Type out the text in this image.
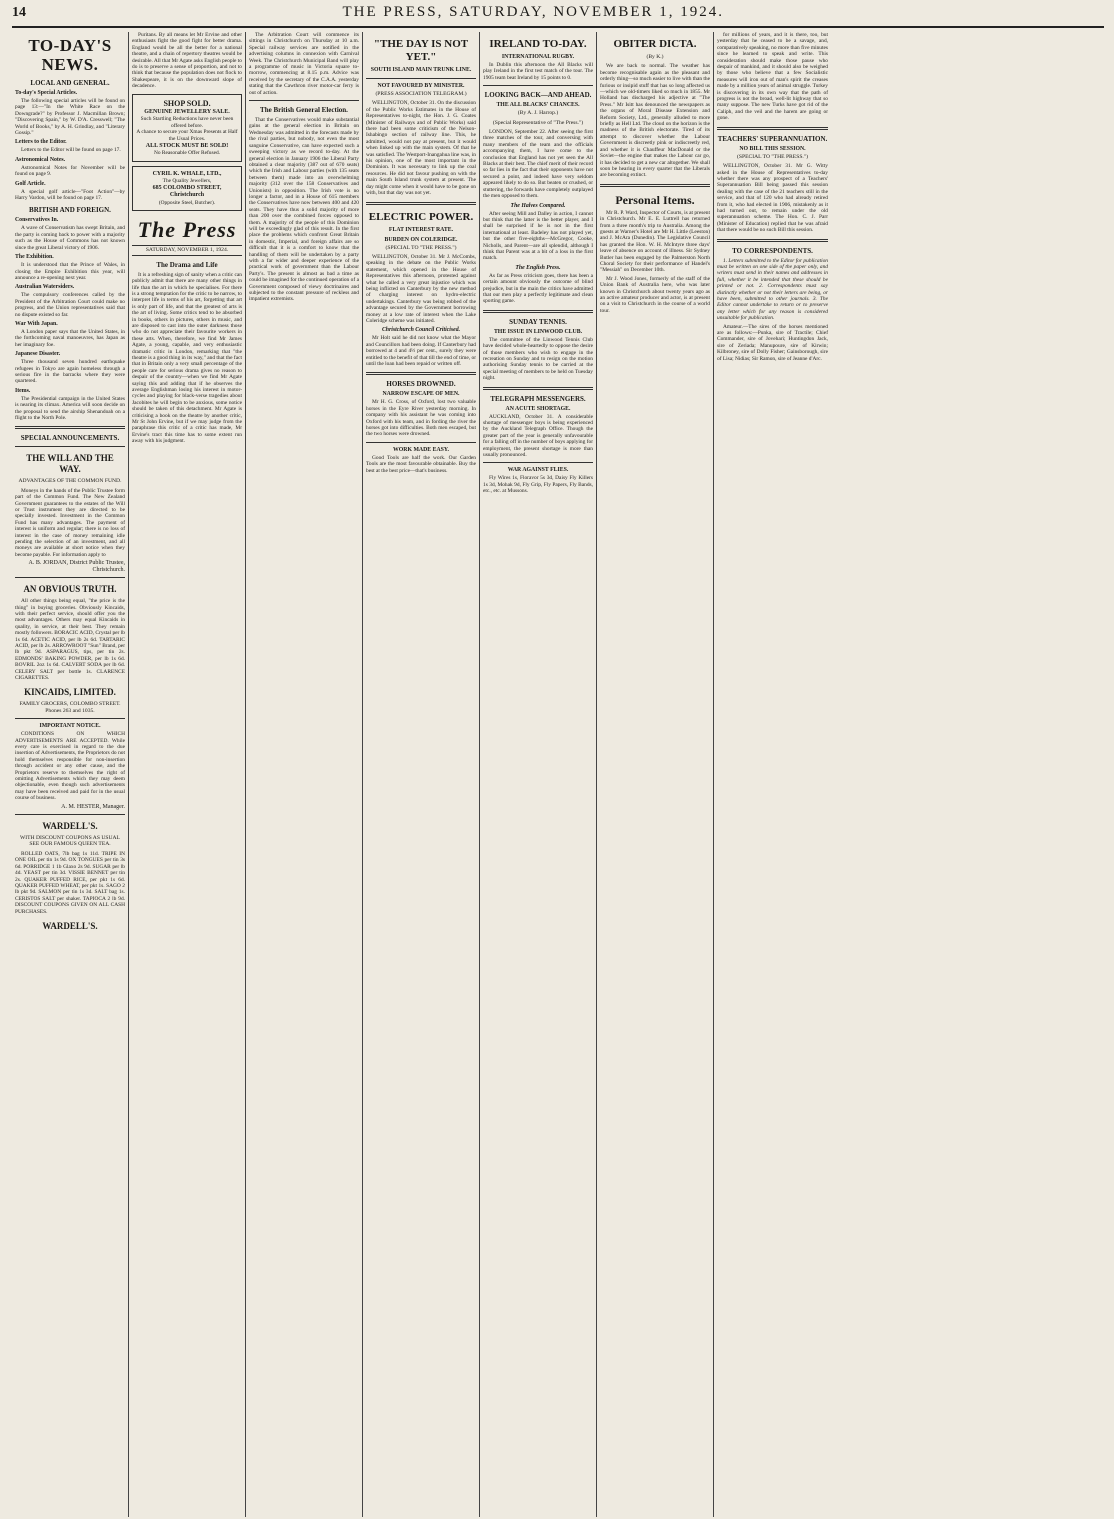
14	THE PRESS, SATURDAY, NOVEMBER 1, 1924.
TO-DAY'S NEWS.
LOCAL AND GENERAL.
To-day's Special Articles.

The following special articles will be found on page 13:—"In the White Race on the Downgrade?" by Professor J. Macmillan Brown; "Discovering Spain," by W. D'A. Cresswell; "The World of Books," by A. H. Grindlay, and "Literary Gossip."

Letters to the Editor.

Letters to the Editor will be found on page 17.

Astronomical Notes.

Astronomical Notes for November will be found on page 9.

Golf Article.

A special golf article—"Foot Action"—by Harry Vardon, will be found on page 17.

BRITISH AND FOREIGN.
Conservatives In.

A wave of Conservatism has swept Britain, and the party is coming back to power with a majority such as the House of Commons has not known since the great Liberal victory of 1906.

The Exhibition.

It is understood that the Prince of Wales, in closing the Empire Exhibition this year, will announce a re-opening next year.

Australian Watersiders.

The compulsory conferences called by the President of the Arbitration Court could make no progress, and the Union representatives said that no dispute existed so far.

War With Japan.

A London paper says that the United States, in the forthcoming naval manoeuvres, has Japan as her imaginary foe.

Japanese Disaster.

Three thousand seven hundred earthquake refugees in Tokyo are again homeless through a serious fire in the barracks where they were quartered.

Items.

The Presidential campaign in the United States is nearing its climax. America will soon decide on the proposal to send the airship Shenandoah on a flight to the North Pole.

SPECIAL ANNOUNCEMENTS.
THE WILL AND THE WAY.
ADVANTAGES OF THE COMMON FUND.

Moneys in the hands of the Public Trustee form part of the Common Fund. The New Zealand Government guarantees to the estates of the Will or Trust instrument they are directed to be specially invested. Investment in the Common Fund has many advantages. The payment of interest is uniform and regular; there is no loss of interest in the case of money remaining idle pending the selection of an investment, and all moneys are available at short notice when they become payable. For information apply to

A. B. JORDAN, District Public Trustee, Christchurch.
AN OBVIOUS TRUTH.

All other things being equal, "the price is the thing" in buying groceries. Obviously Kincaids, with their perfect service, should offer you the most advantages. Others may equal Kincaids in quality, in service, at their best. They remain mostly followers. BORACIC ACID, Crystal per lb 1s 6d. ACETIC ACID, per lb 2s 6d. TARTARIC ACID, per lb 2s. ARROWROOT "Sun" Brand, per lb pkt 9d. ASPARAGUS, tips, per tin 2s. EDMONDS' BAKING POWDER, per lb 1s 6d. BOVRIL 2oz 1s 6d. CALVERT SODA per lb 6d. CELERY SALT per bottle 1s. CLARENCE CIGARETTES.

KINCAIDS, LIMITED.
FAMILY GROCERS, COLOMBO STREET. Phones 263 and 1035.
IMPORTANT NOTICE.

CONDITIONS ON WHICH ADVERTISEMENTS ARE ACCEPTED. While every care is exercised in regard to the due insertion of Advertisements, the Proprietors do not hold themselves responsible for non-insertion through accident or any other cause, and the Proprietors reserve to themselves the right of omitting Advertisements which they may deem objectionable, even though such advertisements may have been received and paid for in the usual course of business.

A. M. HESTER, Manager.
WARDELL'S.
WITH DISCOUNT COUPONS AS USUAL SEE OUR FAMOUS QUEEN TEA.

ROLLED OATS, 7lb bag 1s 11d. TRIPE IN ONE OIL per tin 1s 9d. OX TONGUES per tin 3s 6d. PORRIDGE 1 1b Glaxo 2s 9d. SUGAR per lb 4d. YEAST per tin 3d. VISSIE BENNET per tin 2s. QUAKER PUFFED RICE, per pkt 1s 6d. QUAKER PUFFED WHEAT, per pkt 1s. SAGO 2 lb pkt 9d. SALMON per tin 1s 3d. SALT bag 1s. CERISTOS SALT per shaker. TAPIOCA 2 lb 9d. DISCOUNT COUPONS GIVEN ON ALL CASH PURCHASES.

WARDELL'S.

Puritans. By all means let Mr Ervine and other enthusiasts fight the good fight for better drama. England would be all the better for a national theatre, and a chain of repertory theatres would be desirable. All that Mr Agate asks English people to do is to preserve a sense of proportion, and not to think that because the population does not flock to Shakespeare, it is on the downward slope of decadence.

SHOP SOLD.
GENUINE JEWELLERY SALE.
Such Startling Reductions have never been offered before.
A chance to secure your Xmas Presents at Half the Usual Prices.
ALL STOCK MUST BE SOLD!
No Reasonable Offer Refused.
CYRIL K. WHALE, LTD.,
The Quality Jewellers,
685 COLOMBO STREET, Christchurch
(Opposite Steel, Butcher).
The Press
SATURDAY, NOVEMBER 1, 1924.
The Drama and Life

It is a refreshing sign of sanity when a critic can publicly admit that there are many other things in life than the art in which he specialises. For there is a strong temptation for the critic to be narrow, to interpret life in terms of his art, forgetting that art is only part of life, and that the greatest of arts is the art of living. Some critics tend to be absorbed in books, others in pictures, others in music, and are disposed to cast into the outer darkness those who do not appreciate their favourite workers in these arts. When, therefore, we find Mr James Agate, a young, capable, and very enthusiastic dramatic critic in London, remarking that "the theatre is a good thing in its way," and that the fact that in Britain only a very small percentage of the people care for serious drama gives no reason to despair of the country—when we find Mr Agate saying this and adding that if he observes the average Englishman losing his interest in motor-cycles and playing for black-verse tragedies about Jacobites he will begin to be anxious, some notice should be taken of this detachment. Mr Agate is criticising a book on the theatre by another critic, Mr St John Ervine, but if we may judge from the paraphrase this critic of a critic has made, Mr Ervine's tract this time has to some extent run away with his judgment.

The Arbitration Court will commence its sittings in Christchurch on Thursday at 10 a.m. Special railway services are notified in the advertising columns in connexion with Carnival Week. The Christchurch Municipal Band will play a programme of music in Victoria square to-morrow, commencing at 8.15 p.m. Advice was received by the secretary of the C.A.A. yesterday stating that the Cawthron river motor-car ferry is out of action.

The British General Election.

That the Conservatives would make substantial gains at the general election in Britain on Wednesday was admitted in the forecasts made by the rival parties, but nobody, not even the most sanguine Conservative, can have expected such a sweeping victory as we record to-day. At the general election in January 1906 the Liberal Party obtained a clear majority (387 out of 670 seats) which the Irish and Labour parties (with 135 seats between them) made into an overwhelming majority (312 over the 158 Conservatives and Unionists) in opposition. The Irish vote is no longer a factor, and in a House of 615 members the Conservatives have now between 400 and 420 seats. They have thus a solid majority of more than 200 over the combined forces opposed to them. A majority of the people of this Dominion will be exceedingly glad of this result. In the first place the problems which confront Great Britain in domestic, Imperial, and foreign affairs are so difficult that it is a comfort to know that the handling of them will be undertaken by a party with a far wider and deeper experience of the practical work of government than the Labour Party's. The present is almost as bad a time as could be imagined for the continued operation of a Government composed of viewy doctrinaires and subjected to the constant pressure of reckless and impatient extremists.

"THE DAY IS NOT YET."
SOUTH ISLAND MAIN TRUNK LINE.
NOT FAVOURED BY MINISTER.
(PRESS ASSOCIATION TELEGRAM.)

WELLINGTON, October 31. On the discussion of the Public Works Estimates in the House of Representatives to-night, the Hon. J. G. Coates (Minister of Railways and of Public Works) said there had been some criticism of the Nelson-Ishabingo section of railway line. This, he admitted, would not pay at present, but it would when linked up with the main system. Of that he was satisfied. The Westport-Inangahua line was, in his opinion, one of the most important in the Dominion. It was necessary to link up the coal resources. He did not favour pushing on with the main South Island trunk system at present. The day might come when it would have to be gone on with, but that day was not yet.

ELECTRIC POWER.
FLAT INTEREST RATE.
BURDEN ON COLERIDGE.
(SPECIAL TO "THE PRESS.")

WELLINGTON, October 31. Mr J. McCombs, speaking in the debate on the Public Works statement, which opened in the House of Representatives this afternoon, protested against what he called a very great injustice which was being inflicted on Canterbury by the new method of charging interest on hydro-electric undertakings. Canterbury was being robbed of the advantage secured by the Government borrowing money at a low rate of interest when the Lake Coleridge scheme was initiated.

Christchurch Council Criticised.

Mr Holt said he did not know what the Mayor and Councillors had been doing. If Canterbury had borrowed at 4 and 4½ per cent., surely they were entitled to the benefit of that till the end of time, or until the loan had been repaid or written off.

HORSES DROWNED.
NARROW ESCAPE OF MEN.

Mr H. G. Cross, of Oxford, lost two valuable horses in the Eyre River yesterday morning. In company with his assistant he was coming into Oxford with his team, and in fording the river the horses got into difficulties. Both men escaped, but the two horses were drowned.

WORK MADE EASY.

Good Tools are half the work. Our Garden Tools are the most favourable obtainable. Buy the best at the best price—that's business.

IRELAND TO-DAY.
INTERNATIONAL RUGBY.

In Dublin this afternoon the All Blacks will play Ireland in the first test match of the tour. The 1905 team beat Ireland by 15 points to 0.

LOOKING BACK—AND AHEAD.
THE ALL BLACKS' CHANCES.
(By A. J. Harrop.)
(Special Representative of "The Press.")

LONDON, September 22. After seeing the first three matches of the tour, and conversing with many members of the team and the officials accompanying them, I have come to the conclusion that England has not yet seen the All Blacks at their best. The chief merit of their record so far lies in the fact that their opponents have not secured a point, and indeed have very seldom appeared likely to do so. But beaten or crushed, or stuttering, the forwards have completely outplayed the men opposed to them.

The Halves Compared.

After seeing Mill and Dalley in action, I cannot but think that the latter is the better player, and I shall be surprised if he is not in the first international at least. Badeley has not played yet, but the other five-eighths—McGregor, Cooke, Nicholls, and Parent—are all splendid, although I think that Parent was at a bit of a loss in the first match.

The English Press.

As far as Press criticism goes, there has been a certain amount obviously the outcome of blind prejudice, but in the main the critics have admitted that our men play a perfectly legitimate and clean sporting game.

SUNDAY TENNIS.
THE ISSUE IN LINWOOD CLUB.

The committee of the Linwood Tennis Club have decided whole-heartedly to oppose the desire of those members who wish to engage in the recreation on Sunday and to resign on the motion authorising Sunday tennis to be carried at the special meeting of members to be held on Tuesday night.

TELEGRAPH MESSENGERS.
AN ACUTE SHORTAGE.

AUCKLAND, October 31. A considerable shortage of messenger boys is being experienced by the Auckland Telegraph Office. Though the greater part of the year is generally unfavourable for a falling off in the number of boys applying for employment, the present shortage is more than usually pronounced.

WAR AGAINST FLIES.

Fly Wires 1s, Floravor 5s 3d, Daisy Fly Killers 1s 3d, Mohak 9d, Fly Grip, Fly Papers, Fly Bands, etc., etc. at Mussons.

OBITER DICTA.
(By K.)

We are back to normal. The weather has become recognisable again as the pleasant and orderly thing—so much easier to live with than the furious or insipid stuff that has so long affected us—which we old-timers liked so much in 1855. Mr Holland has discharged his adjective at "The Press." Mr Isitt has denounced the newspapers as the organs of Moral Disease Extension and Reform Society, Ltd., generally alluded to more briefly as Hell Ltd. The cloud on the horizon is the madness of the British electorate. Tired of its attempt to discover whether the Labour Government is discreetly pink or indiscreetly red, and whether it is Chauffeur MacDonald or the Soviet—the engine that makes the Labour car go, it has decided to get a new car altogether. We shall soon be hearing in every quarter that the Liberals are becoming extinct.

Personal Items.

Mr R. P. Ward, Inspector of Courts, is at present in Christchurch. Mr E. E. Luttrell has returned from a three month's trip to Australia. Among the guests at Warner's Hotel are Mr H. Little (Leeston) and J. McAra (Dunedin). The Legislative Council has granted the Hon. W. H. McIntyre three days' leave of absence on account of illness. Sir Sydney Butler has been engaged by the Palmerston North Choral Society for their performance of Handel's "Messiah" on December 10th.

Mr J. Wood Jones, formerly of the staff of the Union Bank of Australia here, who was later known in Christchurch about twenty years ago as an active amateur producer and actor, is at present on a visit to Christchurch in the course of a world tour.

for millions of years, and it is there, too, but yesterday that he ceased to be a savage, and, comparatively speaking, no more than five minutes since he learned to speak and write. This consideration should make those pause who despair of mankind, and it should also be weighed by those who believe that a few Socialistic measures will iron out of man's spirit the creases made by a million years of animal struggle. Turkey is discovering in its own way that the path of progress is not the broad, well-lit highway that so many suppose. The new Turks have got rid of the Caliph, and the veil and the harem are going or gone.

TEACHERS' SUPERANNUATION.
NO BILL THIS SESSION.
(SPECIAL TO "THE PRESS.")

WELLINGTON, October 31. Mr G. Witty asked in the House of Representatives to-day whether there was any prospect of a Teachers' Superannuation Bill being passed this session dealing with the case of the 21 teachers still in the service, and that of 120 who had already retired from it, who had elected in 1906, mistakenly as it had turned out, to remain under the old superannuation scheme. The Hon. C. J. Parr (Minister of Education) replied that he was afraid that there would be no such Bill this session.

TO CORRESPONDENTS.

1. Letters submitted to the Editor for publication must be written on one side of the paper only, and writers must send in their names and addresses in full, whether it be intended that these should be printed or not. 2. Correspondents must say distinctly whether or not their letters are being, or have been, submitted to other journals. 3. The Editor cannot undertake to return or to preserve any letter which for any reason is considered unsuitable for publication.

Amateur.—The sires of the horses mentioned are as follows:—Punka, sire of Tractile; Chief Commander, sire of Jovehari; Huntingdon Jack, sire of Zeriada; Manupoure, sire of Kirwin; Kilbroney, sire of Dolly Fisher; Gainsborough, sire of Lisa; Nidias; Sir Ramon, sire of Jeanne d'Arc.
